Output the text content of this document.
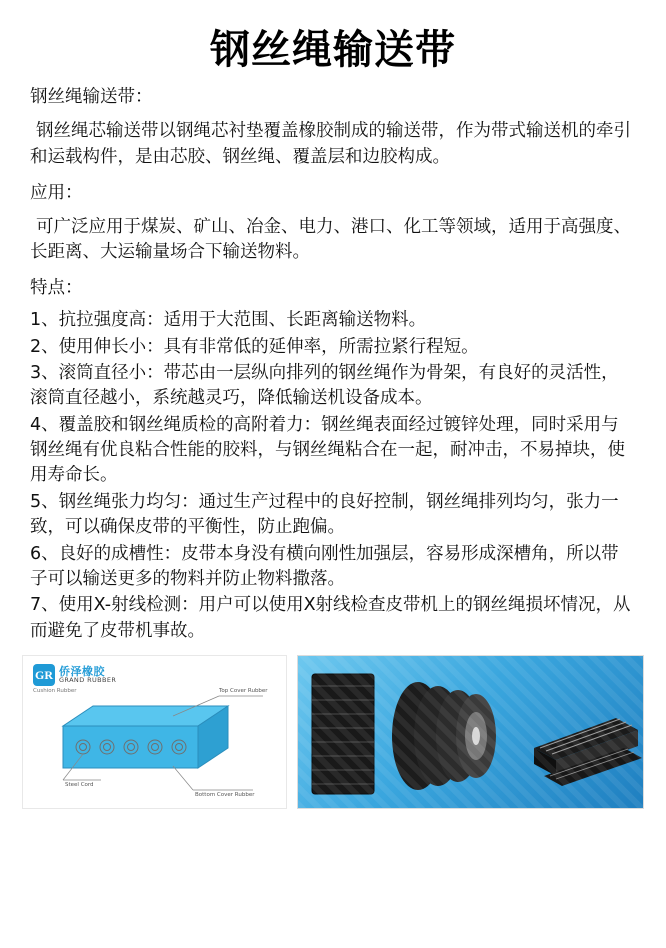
钢丝绳输送带

钢丝绳输送带：

钢丝绳芯输送带以钢绳芯衬垫覆盖橡胶制成的输送带，作为带式输送机的牵引和运载构件，是由芯胶、钢丝绳、覆盖层和边胶构成。

应用：

可广泛应用于煤炭、矿山、冶金、电力、港口、化工等领域，适用于高强度、长距离、大运输量场合下输送物料。

特点：

1、抗拉强度高：适用于大范围、长距离输送物料。
2、使用伸长小：具有非常低的延伸率，所需拉紧行程短。
3、滚筒直径小：带芯由一层纵向排列的钢丝绳作为骨架，有良好的灵活性，滚筒直径越小，系统越灵巧，降低输送机设备成本。
4、覆盖胶和钢丝绳质检的高附着力：钢丝绳表面经过镀锌处理，同时采用与钢丝绳有优良粘合性能的胶料，与钢丝绳粘合在一起，耐冲击，不易掉块，使用寿命长。
5、钢丝绳张力均匀：通过生产过程中的良好控制，钢丝绳排列均匀，张力一致，可以确保皮带的平衡性，防止跑偏。
6、良好的成槽性：皮带本身没有横向刚性加强层，容易形成深槽角，所以带子可以输送更多的物料并防止物料撒落。
7、使用X-射线检测：用户可以使用X射线检查皮带机上的钢丝绳损坏情况，从而避免了皮带机事故。
GR 侨泽橡胶
GRAND RUBBER
Cushion Rubber	Top Cover Rubber
Steel Cord
Bottom Cover Rubber
